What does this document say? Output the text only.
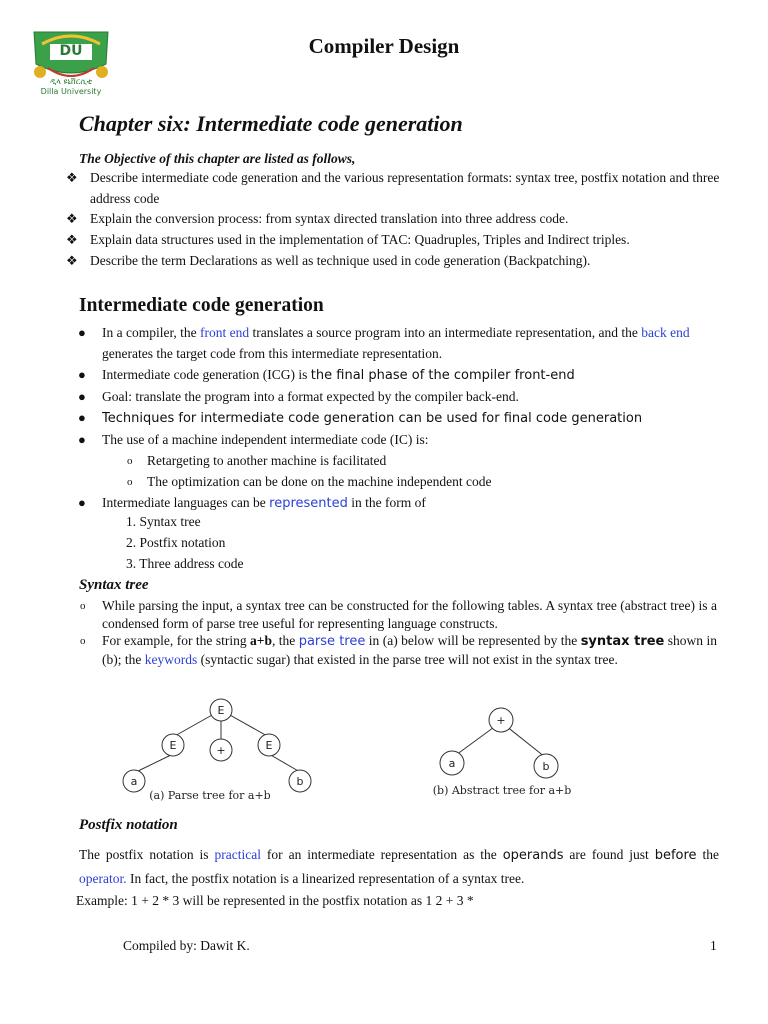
DU
ዲላ ዩኒቨርሲቲ
Dilla University
Compiler Design
Chapter six: Intermediate code generation
The Objective of this chapter are listed as follows,
❖ Describe intermediate code generation and the various representation formats: syntax tree, postfix notation and three address code
❖ Explain the conversion process: from syntax directed translation into three address code.
❖ Explain data structures used in the implementation of TAC: Quadruples, Triples and Indirect triples.
❖ Describe the term Declarations as well as technique used in code generation (Backpatching).
Intermediate code generation
● In a compiler, the front end translates a source program into an intermediate representation, and the back end generates the target code from this intermediate representation.
● Intermediate code generation (ICG) is the final phase of the compiler front-end
● Goal: translate the program into a format expected by the compiler back-end.
● Techniques for intermediate code generation can be used for final code generation
● The use of a machine independent intermediate code (IC) is:
o Retargeting to another machine is facilitated
o The optimization can be done on the machine independent code
● Intermediate languages can be represented in the form of
1. Syntax tree
2. Postfix notation
3. Three address code
Syntax tree
o While parsing the input, a syntax tree can be constructed for the following tables. A syntax tree (abstract tree) is a condensed form of parse tree useful for representing language constructs.
o For example, for the string a+b, the parse tree in (a) below will be represented by the syntax tree shown in (b); the keywords (syntactic sugar) that existed in the parse tree will not exist in the syntax tree.
E
E	+	E
a	b
(a) Parse tree for a+b
+
a	b
(b) Abstract tree for a+b
Postfix notation
The postfix notation is practical for an intermediate representation as the operands are found just before the operator. In fact, the postfix notation is a linearized representation of a syntax tree.
Example: 1 + 2 * 3 will be represented in the postfix notation as 1 2 + 3 *
Compiled by: Dawit K.	1
